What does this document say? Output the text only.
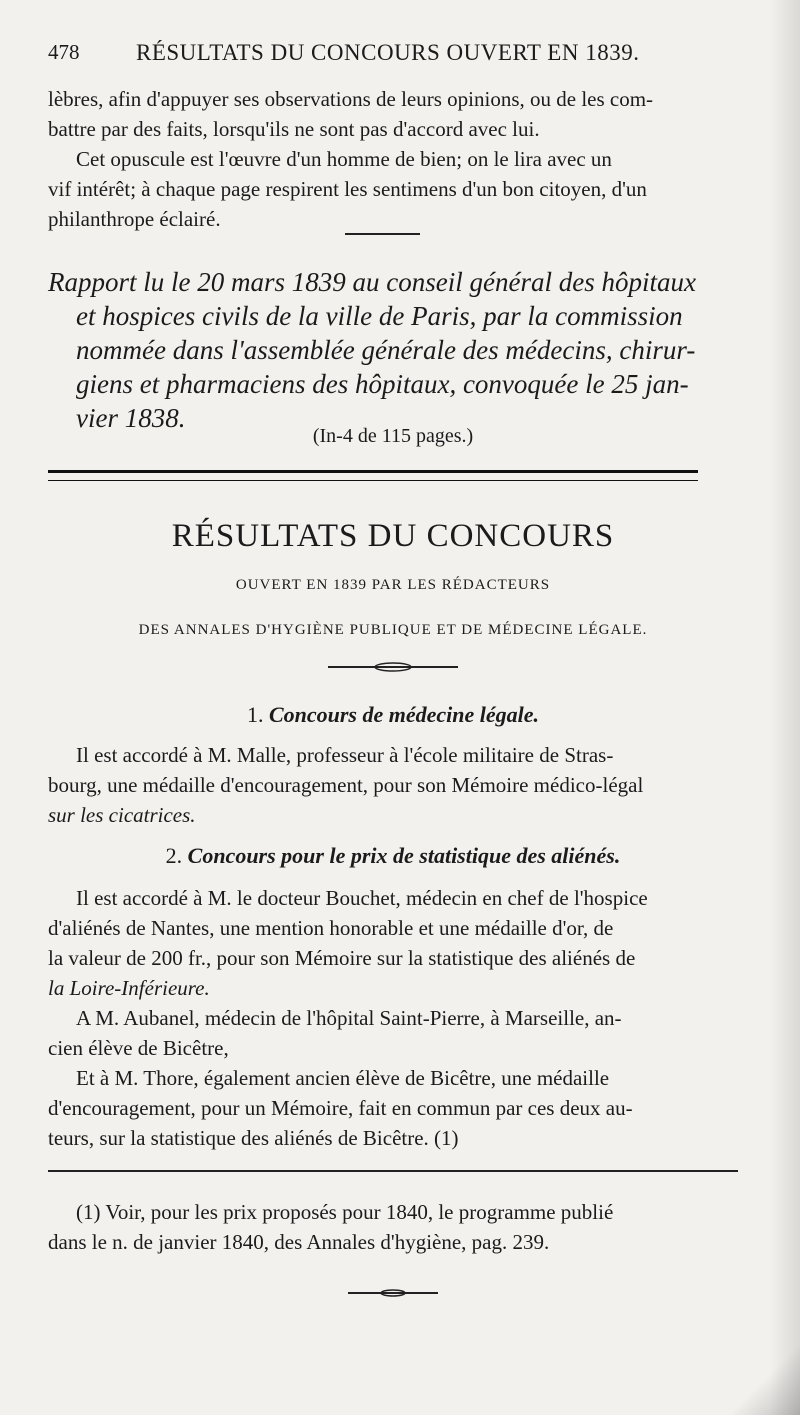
478 RÉSULTATS DU CONCOURS OUVERT EN 1839.

lèbres, afin d'appuyer ses observations de leurs opinions, ou de les com-

battre par des faits, lorsqu'ils ne sont pas d'accord avec lui.

Cet opuscule est l'œuvre d'un homme de bien; on le lira avec un

vif intérêt; à chaque page respirent les sentimens d'un bon citoyen, d'un

philanthrope éclairé.

Rapport lu le 20 mars 1839 au conseil général des hôpitaux
et hospices civils de la ville de Paris, par la commission
nommée dans l'assemblée générale des médecins, chirur-
giens et pharmaciens des hôpitaux, convoquée le 25 jan-
vier 1838.
(In-4 de 115 pages.)
RÉSULTATS DU CONCOURS
OUVERT EN 1839 PAR LES RÉDACTEURS
DES ANNALES D'HYGIÈNE PUBLIQUE ET DE MÉDECINE LÉGALE.
1. Concours de médecine légale.

Il est accordé à M. Malle, professeur à l'école militaire de Stras-

bourg, une médaille d'encouragement, pour son Mémoire médico-légal

sur les cicatrices.

2. Concours pour le prix de statistique des aliénés.

Il est accordé à M. le docteur Bouchet, médecin en chef de l'hospice

d'aliénés de Nantes, une mention honorable et une médaille d'or, de

la valeur de 200 fr., pour son Mémoire sur la statistique des aliénés de

la Loire-Inférieure.

A M. Aubanel, médecin de l'hôpital Saint-Pierre, à Marseille, an-

cien élève de Bicêtre,

Et à M. Thore, également ancien élève de Bicêtre, une médaille

d'encouragement, pour un Mémoire, fait en commun par ces deux au-

teurs, sur la statistique des aliénés de Bicêtre. (1)

(1) Voir, pour les prix proposés pour 1840, le programme publié

dans le n. de janvier 1840, des Annales d'hygiène, pag. 239.
